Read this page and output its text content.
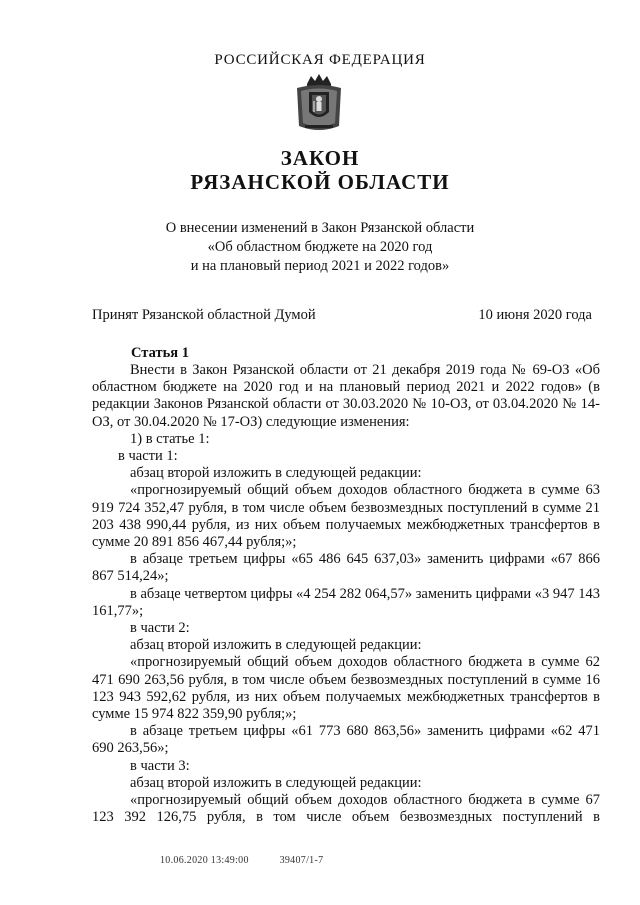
РОССИЙСКАЯ ФЕДЕРАЦИЯ
ЗАКОН
РЯЗАНСКОЙ ОБЛАСТИ
О внесении изменений в Закон Рязанской области
«Об областном бюджете на 2020 год
и на плановый период 2021 и 2022 годов»
Принят Рязанской областной Думой	10 июня 2020 года
Статья 1

Внести в Закон Рязанской области от 21 декабря 2019 года № 69-ОЗ «Об областном бюджете на 2020 год и на плановый период 2021 и 2022 годов» (в редакции Законов Рязанской области от 30.03.2020 № 10-ОЗ, от 03.04.2020 № 14-ОЗ, от 30.04.2020 № 17-ОЗ) следующие изменения:

1) в статье 1:

в части 1:

абзац второй изложить в следующей редакции:

«прогнозируемый общий объем доходов областного бюджета в сумме 63 919 724 352,47 рубля, в том числе объем безвозмездных поступлений в сумме 21 203 438 990,44 рубля, из них объем получаемых межбюджетных трансфертов в сумме 20 891 856 467,44 рубля;»;

в абзаце третьем цифры «65 486 645 637,03» заменить цифрами «67 866 867 514,24»;

в абзаце четвертом цифры «4 254 282 064,57» заменить цифрами «3 947 143 161,77»;

в части 2:

абзац второй изложить в следующей редакции:

«прогнозируемый общий объем доходов областного бюджета в сумме 62 471 690 263,56 рубля, в том числе объем безвозмездных поступлений в сумме 16 123 943 592,62 рубля, из них объем получаемых межбюджетных трансфертов в сумме 15 974 822 359,90 рубля;»;

в абзаце третьем цифры «61 773 680 863,56» заменить цифрами «62 471 690 263,56»;

в части 3:

абзац второй изложить в следующей редакции:

«прогнозируемый общий объем доходов областного бюджета в сумме 67 123 392 126,75 рубля, в том числе объем безвозмездных поступлений в

10.06.2020 13:49:00	39407/1-7
